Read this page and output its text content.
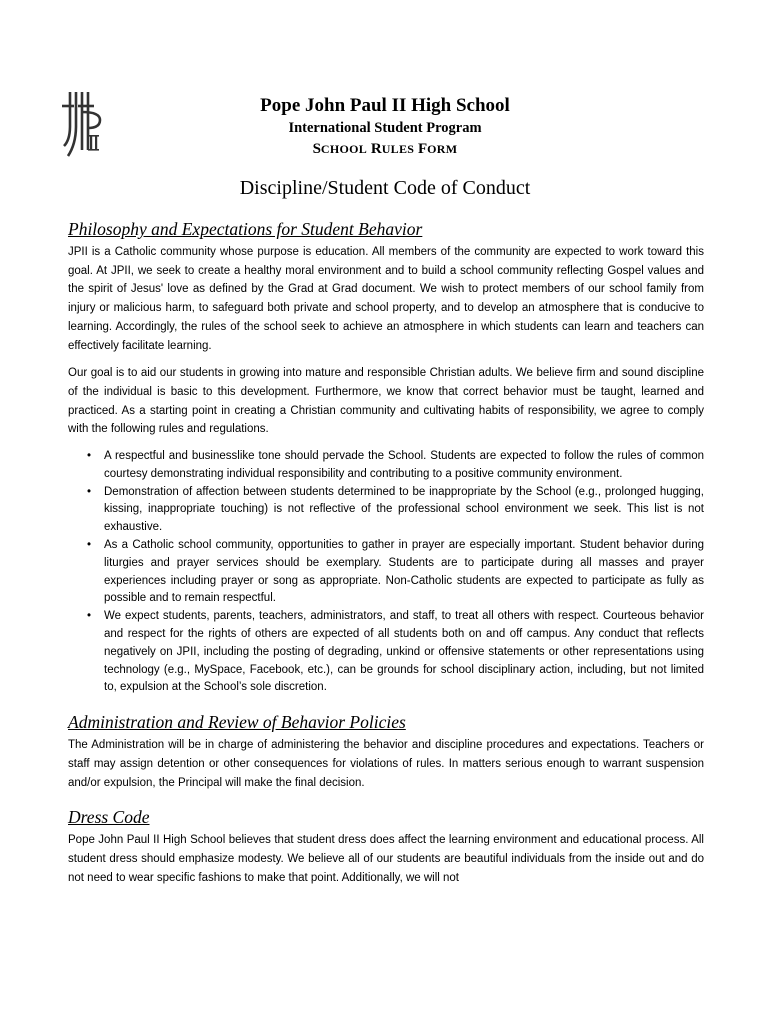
Pope John Paul II High School
International Student Program
SCHOOL RULES FORM
Discipline/Student Code of Conduct
Philosophy and Expectations for Student Behavior

JPII is a Catholic community whose purpose is education. All members of the community are expected to work toward this goal. At JPII, we seek to create a healthy moral environment and to build a school community reflecting Gospel values and the spirit of Jesus' love as defined by the Grad at Grad document. We wish to protect members of our school family from injury or malicious harm, to safeguard both private and school property, and to develop an atmosphere that is conducive to learning. Accordingly, the rules of the school seek to achieve an atmosphere in which students can learn and teachers can effectively facilitate learning.

Our goal is to aid our students in growing into mature and responsible Christian adults. We believe firm and sound discipline of the individual is basic to this development. Furthermore, we know that correct behavior must be taught, learned and practiced. As a starting point in creating a Christian community and cultivating habits of responsibility, we agree to comply with the following rules and regulations.

• A respectful and businesslike tone should pervade the School. Students are expected to follow the rules of common courtesy demonstrating individual responsibility and contributing to a positive community environment.
• Demonstration of affection between students determined to be inappropriate by the School (e.g., prolonged hugging, kissing, inappropriate touching) is not reflective of the professional school environment we seek. This list is not exhaustive.
• As a Catholic school community, opportunities to gather in prayer are especially important. Student behavior during liturgies and prayer services should be exemplary. Students are to participate during all masses and prayer experiences including prayer or song as appropriate. Non-Catholic students are expected to participate as fully as possible and to remain respectful.
• We expect students, parents, teachers, administrators, and staff, to treat all others with respect. Courteous behavior and respect for the rights of others are expected of all students both on and off campus. Any conduct that reflects negatively on JPII, including the posting of degrading, unkind or offensive statements or other representations using technology (e.g., MySpace, Facebook, etc.), can be grounds for school disciplinary action, including, but not limited to, expulsion at the School’s sole discretion.
Administration and Review of Behavior Policies

The Administration will be in charge of administering the behavior and discipline procedures and expectations. Teachers or staff may assign detention or other consequences for violations of rules. In matters serious enough to warrant suspension and/or expulsion, the Principal will make the final decision.

Dress Code

Pope John Paul II High School believes that student dress does affect the learning environment and educational process. All student dress should emphasize modesty. We believe all of our students are beautiful individuals from the inside out and do not need to wear specific fashions to make that point. Additionally, we will not
